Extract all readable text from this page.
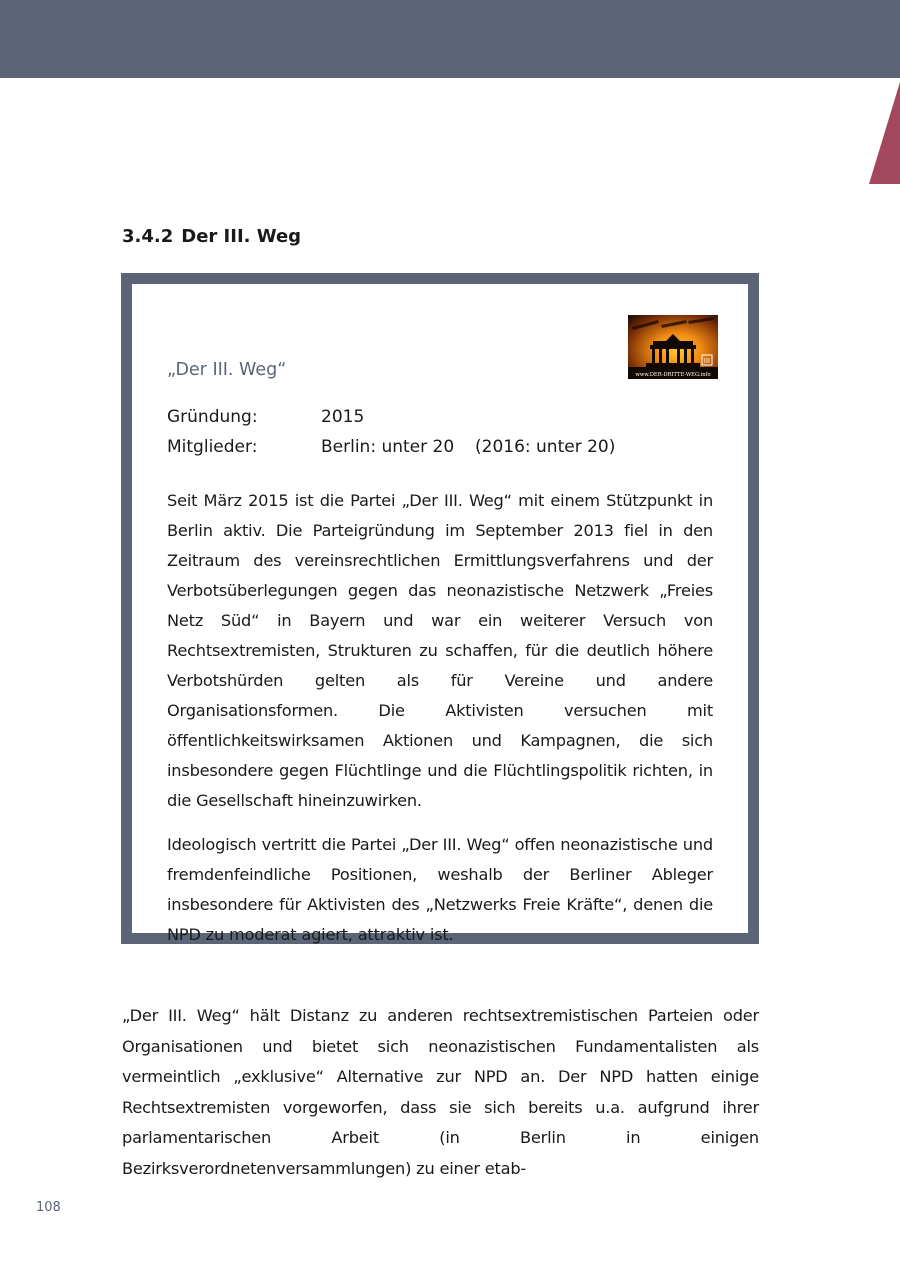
3.4.2 Der III. Weg
III
www.DER-DRITTE-WEG.info
„Der III. Weg“
Gründung:	2015
Mitglieder:	Berlin: unter 20 (2016: unter 20)

Seit März 2015 ist die Partei „Der III. Weg“ mit einem Stützpunkt in Berlin aktiv. Die Parteigründung im September 2013 fiel in den Zeitraum des vereinsrechtlichen Ermittlungsverfahrens und der Verbotsüberlegungen gegen das neonazistische Netzwerk „Freies Netz Süd“ in Bayern und war ein weiterer Versuch von Rechtsextremisten, Strukturen zu schaffen, für die deutlich höhere Verbotshürden gelten als für Vereine und andere Organisationsformen. Die Aktivisten versuchen mit öffentlichkeitswirksamen Aktionen und Kampagnen, die sich insbesondere gegen Flüchtlinge und die Flüchtlingspolitik richten, in die Gesellschaft hineinzuwirken.

Ideologisch vertritt die Partei „Der III. Weg“ offen neonazistische und fremdenfeindliche Positionen, weshalb der Berliner Ableger insbesondere für Aktivisten des „Netzwerks Freie Kräfte“, denen die NPD zu moderat agiert, attraktiv ist.

„Der III. Weg“ hält Distanz zu anderen rechtsextremistischen Parteien oder Organisationen und bietet sich neonazistischen Fundamentalisten als vermeintlich „exklusive“ Alternative zur NPD an. Der NPD hatten einige Rechtsextremisten vorgeworfen, dass sie sich bereits u.a. aufgrund ihrer parlamentarischen Arbeit (in Berlin in einigen Bezirksverordnetenversammlungen) zu einer etab-

108
